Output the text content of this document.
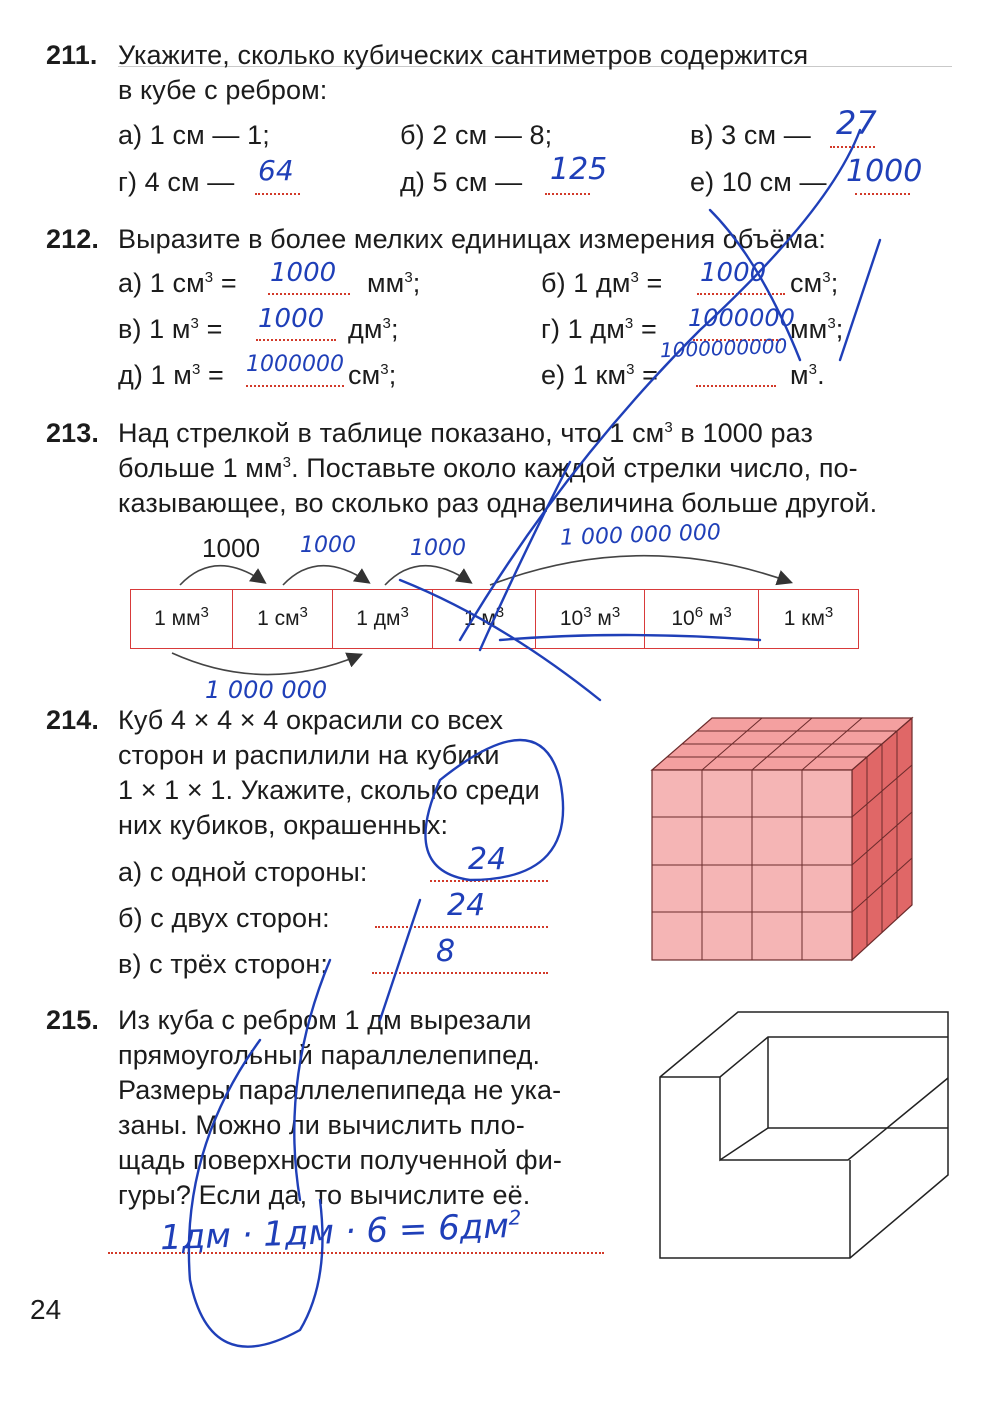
211. Укажите, сколько кубических сантиметров содержится
в кубе с ребром:
а) 1 см — 1;	б) 2 см — 8;	в) 3 см — 27
г) 4 см — 64	д) 5 см — 125	е) 10 см — 1000
212. Выразите в более мелких единицах измерения объёма:
а) 1 $см^3 = 1000$ $мм^3$;	б) 1 $дм^3 = 1000$ $см^3$;
в) 1 $м^3 = 1000$ $дм^3$;	г) 1 $дм^3 = 1000000$
$мм^3$;
д) 1 $м^3 = 1000000$ $см^3$;	е) 1 $км^3$ =
1000000000
$м^3$.
213. Над стрелкой в таблице показано, что 1 $см^3$ в 1000 раз
больше 1 $мм^3$. Поставьте около каждой стрелки число, по-
казывающее, во сколько раз одна величина больше другой.
1000 1000 1000	1 000 000 000
1 000 000
1 $мм^3$	1 $см^3$	1 $дм^3$	1 $м^3$	$10^3$ $м^3$	$10^6$ $м^3$	1 $км^3$
214. Куб 4 × 4 × 4 окрасили со всех
сторон и распилили на кубики
1 × 1 × 1. Укажите, сколько среди
них кубиков, окрашенных:
а) с одной стороны:	24
б) с двух сторон:	24
в) с трёх сторон:	8
215. Из куба с ребром 1 дм вырезали
прямоугольный параллелепипед.
Размеры параллелепипеда не ука-
заны. Можно ли вычислить пло-
щадь поверхности полученной фи-
гуры? Если да, то вычислите её.
$1дм \cdot 1дм \cdot 6 = 6дм^2$
24
